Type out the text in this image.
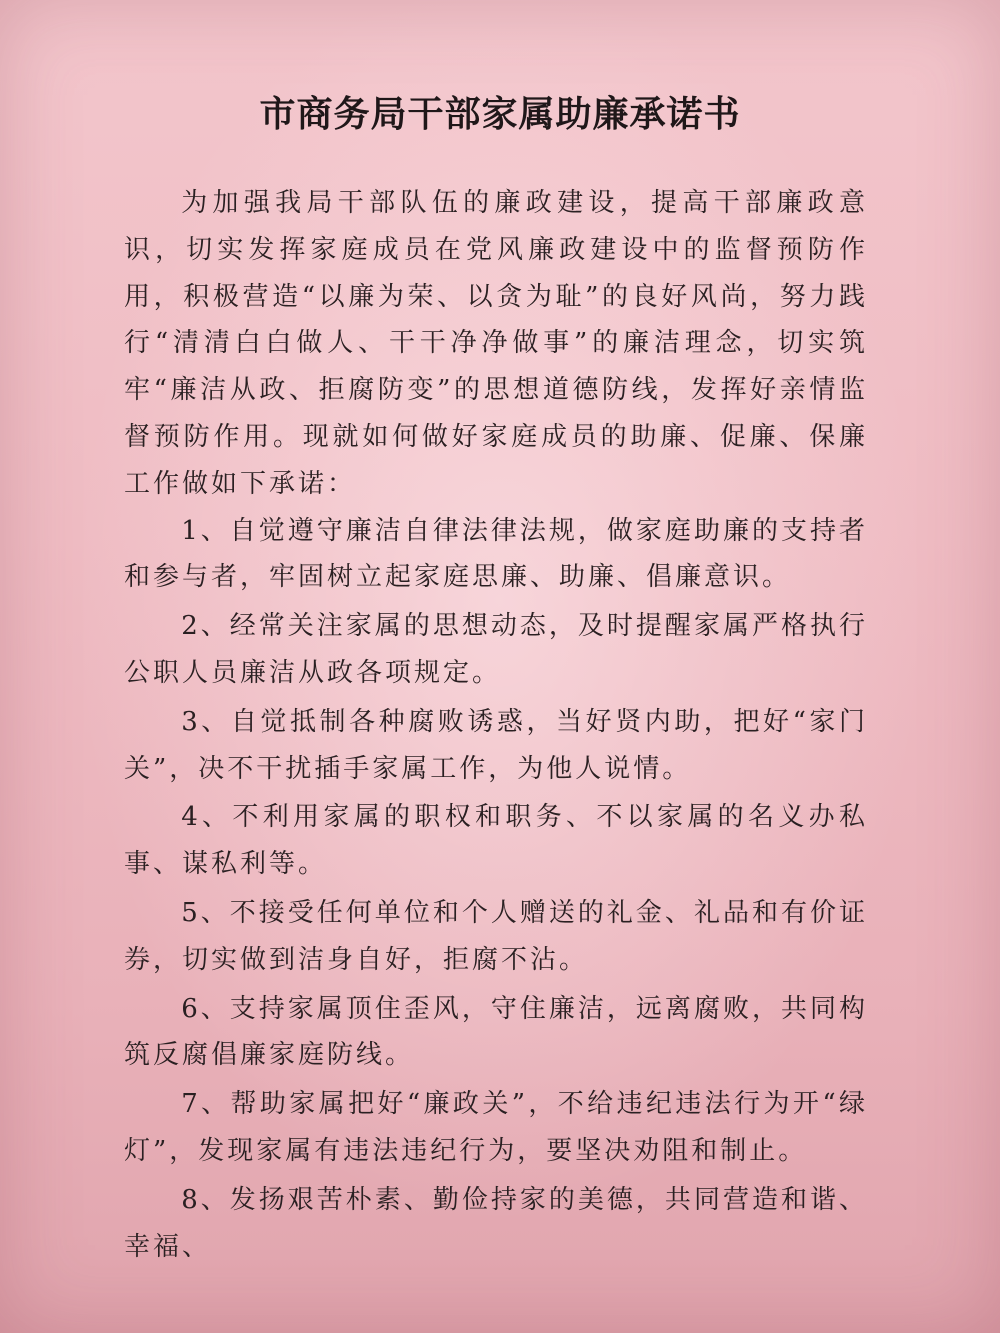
市商务局干部家属助廉承诺书

为加强我局干部队伍的廉政建设，提高干部廉政意识，切实发挥家庭成员在党风廉政建设中的监督预防作用，积极营造“以廉为荣、以贪为耻”的良好风尚，努力践行“清清白白做人、干干净净做事”的廉洁理念，切实筑牢“廉洁从政、拒腐防变”的思想道德防线，发挥好亲情监督预防作用。现就如何做好家庭成员的助廉、促廉、保廉工作做如下承诺：

1、自觉遵守廉洁自律法律法规，做家庭助廉的支持者和参与者，牢固树立起家庭思廉、助廉、倡廉意识。

2、经常关注家属的思想动态，及时提醒家属严格执行公职人员廉洁从政各项规定。

3、自觉抵制各种腐败诱惑，当好贤内助，把好“家门关”，决不干扰插手家属工作，为他人说情。

4、不利用家属的职权和职务、不以家属的名义办私事、谋私利等。

5、不接受任何单位和个人赠送的礼金、礼品和有价证券，切实做到洁身自好，拒腐不沾。

6、支持家属顶住歪风，守住廉洁，远离腐败，共同构筑反腐倡廉家庭防线。

7、帮助家属把好“廉政关”，不给违纪违法行为开“绿灯”，发现家属有违法违纪行为，要坚决劝阻和制止。

8、发扬艰苦朴素、勤俭持家的美德，共同营造和谐、幸福、
